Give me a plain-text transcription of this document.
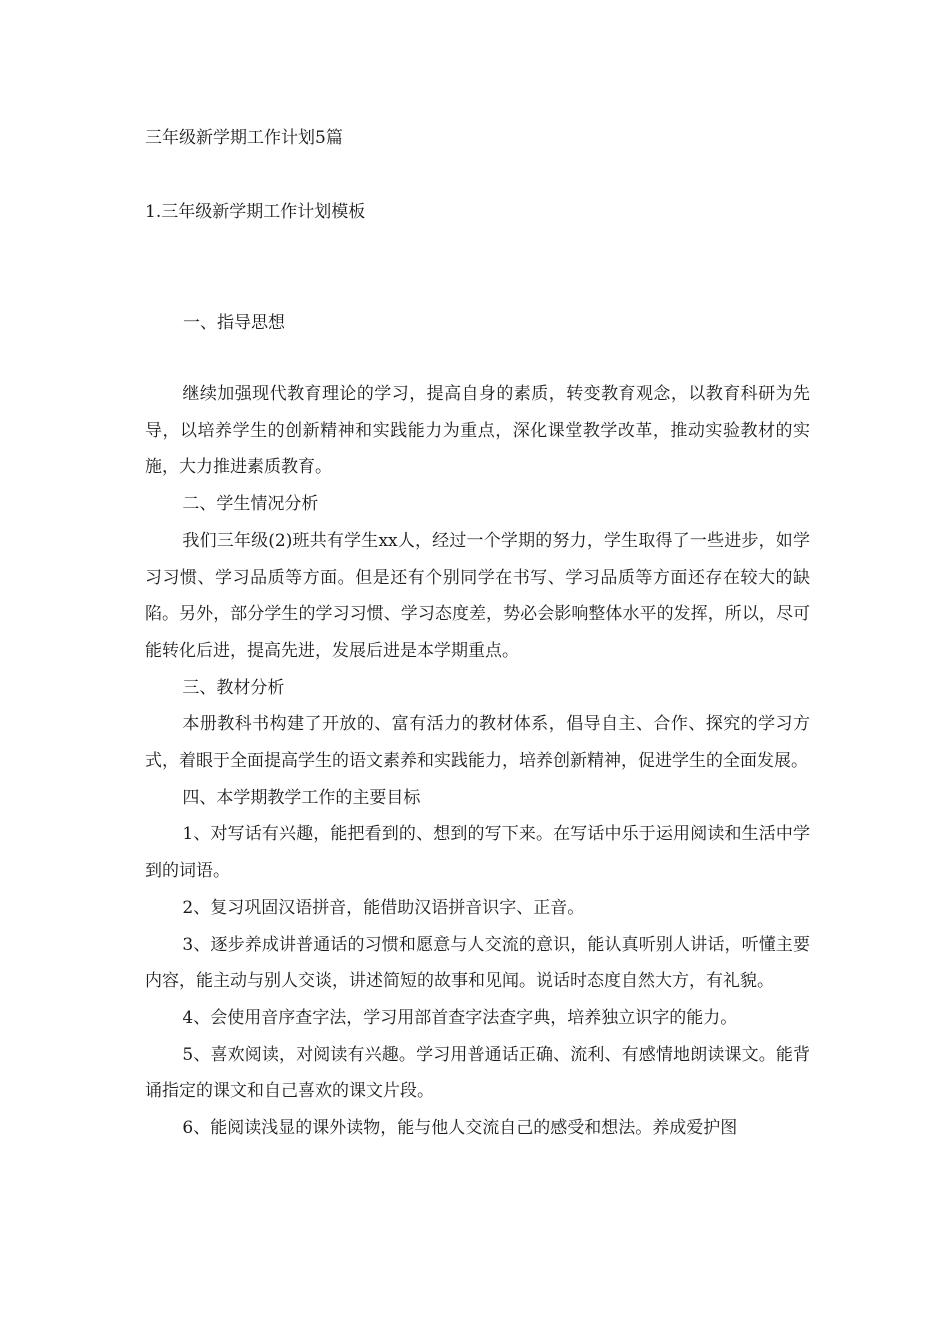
三年级新学期工作计划5篇
1.三年级新学期工作计划模板
一、指导思想

继续加强现代教育理论的学习，提高自身的素质，转变教育观念，以教育科研为先导，以培养学生的创新精神和实践能力为重点，深化课堂教学改革，推动实验教材的实施，大力推进素质教育。

二、学生情况分析

我们三年级(2)班共有学生xx人，经过一个学期的努力，学生取得了一些进步，如学习习惯、学习品质等方面。但是还有个别同学在书写、学习品质等方面还存在较大的缺陷。另外，部分学生的学习习惯、学习态度差，势必会影响整体水平的发挥，所以，尽可能转化后进，提高先进，发展后进是本学期重点。

三、教材分析

本册教科书构建了开放的、富有活力的教材体系，倡导自主、合作、探究的学习方式，着眼于全面提高学生的语文素养和实践能力，培养创新精神，促进学生的全面发展。

四、本学期教学工作的主要目标

1、对写话有兴趣，能把看到的、想到的写下来。在写话中乐于运用阅读和生活中学到的词语。

2、复习巩固汉语拼音，能借助汉语拼音识字、正音。

3、逐步养成讲普通话的习惯和愿意与人交流的意识，能认真听别人讲话，听懂主要内容，能主动与别人交谈，讲述简短的故事和见闻。说话时态度自然大方，有礼貌。

4、会使用音序查字法，学习用部首查字法查字典，培养独立识字的能力。

5、喜欢阅读，对阅读有兴趣。学习用普通话正确、流利、有感情地朗读课文。能背诵指定的课文和自己喜欢的课文片段。

6、能阅读浅显的课外读物，能与他人交流自己的感受和想法。养成爱护图
